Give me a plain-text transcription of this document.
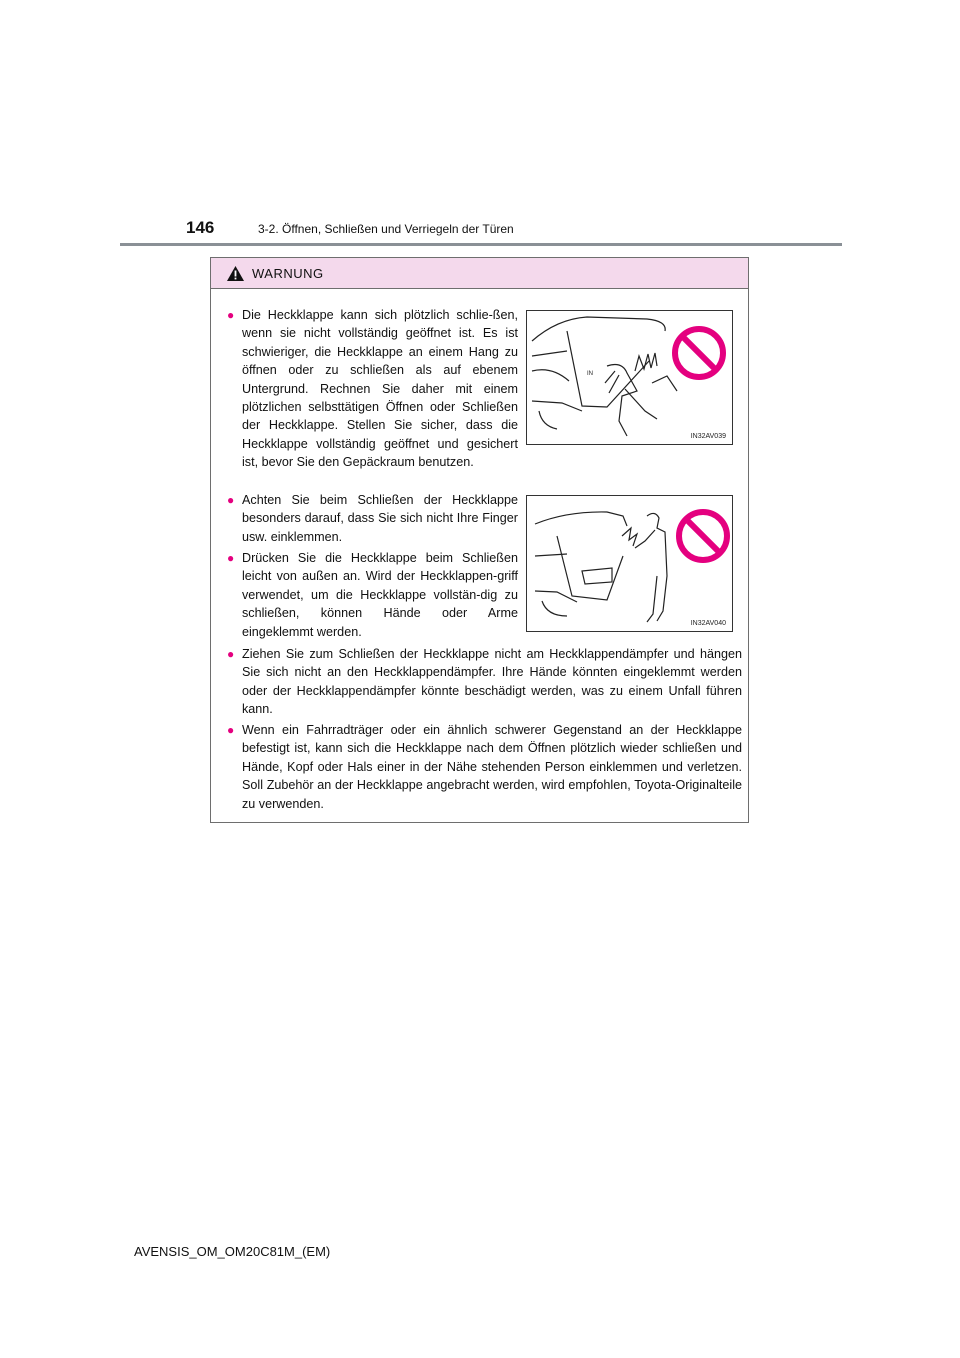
146	3-2. Öffnen, Schließen und Verriegeln der Türen
WARNUNG
● Die Heckklappe kann sich plötzlich schlie-ßen, wenn sie nicht vollständig geöffnet ist. Es ist schwieriger, die Heckklappe an einem Hang zu öffnen oder zu schließen als auf ebenem Untergrund. Rechnen Sie daher mit einem plötzlichen selbsttätigen Öffnen oder Schließen der Heckklappe. Stellen Sie sicher, dass die Heckklappe vollständig geöffnet und gesichert ist, bevor Sie den Gepäckraum benutzen.
IN
IN32AV039
● Achten Sie beim Schließen der Heckklappe besonders darauf, dass Sie sich nicht Ihre Finger usw. einklemmen.
● Drücken Sie die Heckklappe beim Schließen leicht von außen an. Wird der Heckklappen-griff verwendet, um die Heckklappe vollstän-dig zu schließen, können Hände oder Arme eingeklemmt werden.
IN32AV040
● Ziehen Sie zum Schließen der Heckklappe nicht am Heckklappendämpfer und hängen Sie sich nicht an den Heckklappendämpfer. Ihre Hände könnten eingeklemmt werden oder der Heckklappendämpfer könnte beschädigt werden, was zu einem Unfall führen kann.
● Wenn ein Fahrradträger oder ein ähnlich schwerer Gegenstand an der Heckklappe befestigt ist, kann sich die Heckklappe nach dem Öffnen plötzlich wieder schließen und Hände, Kopf oder Hals einer in der Nähe stehenden Person einklemmen und verletzen. Soll Zubehör an der Heckklappe angebracht werden, wird empfohlen, Toyota-Originalteile zu verwenden.
AVENSIS_OM_OM20C81M_(EM)
